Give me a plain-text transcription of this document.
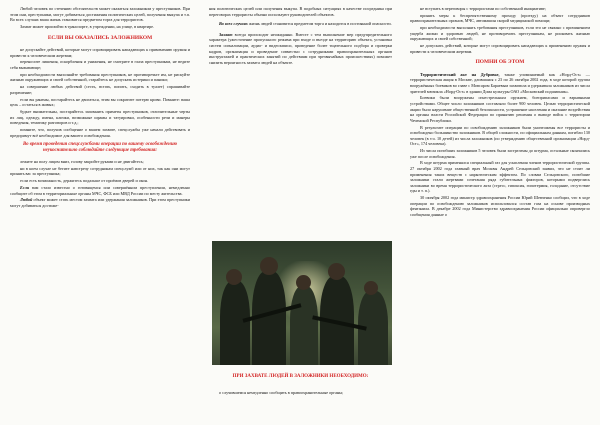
Любой человек по стечению обстоятельств может оказаться заложником у преступников. При этом они, преступники, могут добиваться достижения политических целей, получения выкупа и т.п. Во всех случаях ваша жизнь становится предметом торга для террористов.

Захват может произойти в транспорте, в учреждении, на улице, в квартире.

ЕСЛИ ВЫ ОКАЗАЛИСЬ ЗАЛОЖНИКОМ

не допускайте действий, которые могут спровоцировать нападающих к применению оружия и привести к человеческим жертвам;

переносите лишения, оскорбления и унижения, не смотрите в глаза преступникам, не ведите себя вызывающе;

при необходимости выполняйте требования преступников, не противоречьте им, не рискуйте жизнью окружающих и своей собственной, старайтесь не допускать истерики и паники;

на совершение любых действий (сесть, встать, попить, сходить в туалет) спрашивайте разрешение;

если вы ранены, постарайтесь не двигаться, этим вы сократите потерю крови. Помните: ваша цель – остаться в живых;

будьте внимательны, постарайтесь запомнить приметы преступников, отличительные черты их лиц, одежду, имена, клички, возможные шрамы и татуировки, особенности речи и манеры поведения, тематику разговоров и т.д.;

помните, что, получив сообщение о вашем захвате, спецслужбы уже начали действовать и предпримут всё необходимое для вашего освобождения.

Во время проведения спецслужбами операции по вашему освобождению неукоснительно соблюдайте следующие требования:

лежите на полу лицом вниз, голову закройте руками и не двигайтесь;

ни в коем случае не бегите навстречу сотрудникам спецслужб или от них, так как они могут принять вас за преступника;

если есть возможность, держитесь подальше от проёмов дверей и окон.

Если вам стало известно о готовящемся или совершённом преступлении, немедленно сообщите об этом в территориальные органы МЧС, ФСБ или МВД России по месту жительства.

Любой объект может стать местом захвата или удержания заложников. При этом преступники могут добиваться достиже-

ния политических целей или получения выкупа. В подобных ситуациях в качестве посредника при переговорах террористы обычно используют руководителей объектов.

Во всех случаях жизнь людей становится предметом торга и находится в постоянной опасности.

Захват всегда происходит неожиданно. Вместе с тем выполнение мер предупредительного характера (ужесточение пропускного режима при входе и въезде на территорию объекта, установка систем сигнализации, аудио- и видеозаписи, проведение более тщательного подбора и проверки кадров, организация и проведение совместно с сотрудниками правоохранительных органов инструктажей и практических занятий по действиям при чрезвычайных происшествиях) поможет снизить вероятность захвата людей на объекте.

ПРИ ЗАХВАТЕ ЛЮДЕЙ В ЗАЛОЖНИКИ НЕОБХОДИМО:

о случившемся немедленно сообщить в правоохранительные органы;

не вступать в переговоры с террористами по собственной инициативе;

принять меры к беспрепятственному проходу (проезду) на объект сотрудников правоохранительных органов, МЧС, автомашин скорой медицинской помощи;

при необходимости выполнять требования преступников, если это не связано с причинением ущерба жизни и здоровью людей, не противоречить преступникам, не рисковать жизнью окружающих и своей собственной;

не допускать действий, которые могут спровоцировать нападающих к применению оружия и привести к человеческим жертвам.

ПОМНИ ОБ ЭТОМ

Террористический акт на Дубровке, также упоминаемый как «Норд-Ост» — террористическая акция в Москве, длившаяся с 23 по 26 октября 2002 года, в ходе которой группа вооружённых боевиков во главе с Мовсаром Бараевым захватила и удерживала заложников из числа зрителей мюзикла «Норд-Ост» в здании Дома культуры ОАО «Московский подшипник».

Боевики были вооружены огнестрельным оружием, боеприпасами и взрывными устройствами. Общее число заложников составляло более 900 человек. Целью террористической акции было нарушение общественной безопасности, устрашение населения и оказание воздействия на органы власти Российской Федерации по принятию решения о выводе войск с территории Чеченской Республики.

В результате операции по освобождению заложников были уничтожены все террористы и освобождено большинство заложников. В общей сложности, по официальным данным, погибли 130 человек (в т.ч. 10 детей) из числа заложников (по утверждению общественной организации «Норд-Ост», 174 человека).

Из числа погибших заложников 5 человек были застрелены до штурма, остальные скончались уже после освобождения.

В ходе штурма применялся специальный газ для усыпления членов террористической группы. 27 октября 2002 года главный врач Москвы Андрей Сельцовский заявил, что не стоит ли применения таких веществ с наркотическим эффектом. По словам Сельцовского, погибшие заложники стали жертвами сочетания ряда губительных факторов, которыми подверглись заложники во время террористического акта (стресс, гипоксия, гипотермия, голодание, отсутствие еды и т. п.).

30 октября 2002 года министр здравоохранения России Юрий Шевченко сообщил, что в ходе операции по освобождению заложников использовался состав газа на основе производных фентанила. В декабре 2002 года Министерство здравоохранения России официально опровергло сообщения данные о
